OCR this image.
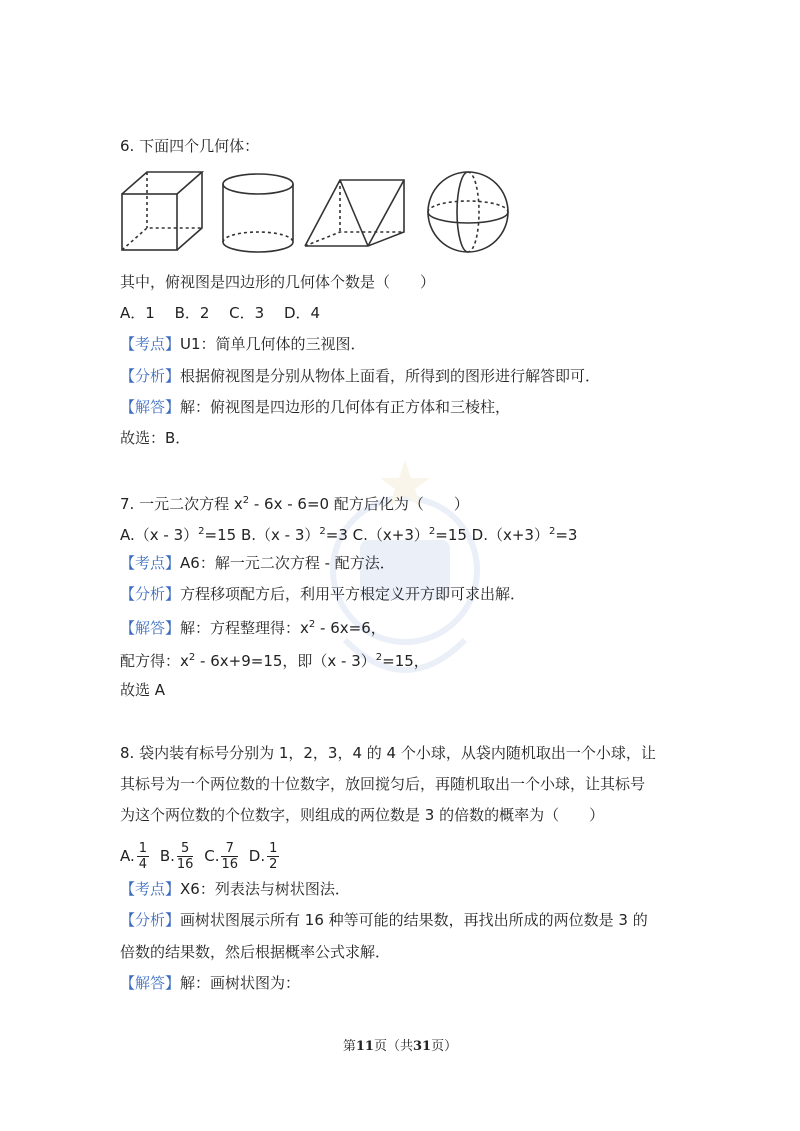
6. 下面四个几何体：
其中，俯视图是四边形的几何体个数是（　　）
A．1　 B．2　 C．3　 D．4
【考点】U1：简单几何体的三视图．
【分析】根据俯视图是分别从物体上面看，所得到的图形进行解答即可．
【解答】解：俯视图是四边形的几何体有正方体和三棱柱，
故选：B．
7. 一元二次方程 $x^2 - 6x - 6=0$ 配方后化为（　　）
A.（x - 3）$^2$=15 B.（x - 3）$^2$=3 $C.(x+3)^2=15$ $D.(x+3)^2=3$
【考点】A6：解一元二次方程 - 配方法．
【分析】方程移项配方后，利用平方根定义开方即可求出解．
【解答】解：方程整理得：$x^2 - 6x=6$，
配方得：$x^2 - 6x+9=15$，即（x - 3）$^2$=15，
故选 A
8. 袋内装有标号分别为 1，2，3，4 的 4 个小球，从袋内随机取出一个小球，让
其标号为一个两位数的十位数字，放回搅匀后，再随机取出一个小球，让其标号
为这个两位数的个位数字，则组成的两位数是 3 的倍数的概率为（　　）
A. $\frac{1}{4} B$. $\frac{5}{16} C$. $\frac{7}{16} D$. $\frac{1}{2}$
【考点】X6：列表法与树状图法．
【分析】画树状图展示所有 16 种等可能的结果数，再找出所成的两位数是 3 的
倍数的结果数，然后根据概率公式求解．
【解答】解：画树状图为：
第11页（共31页）
